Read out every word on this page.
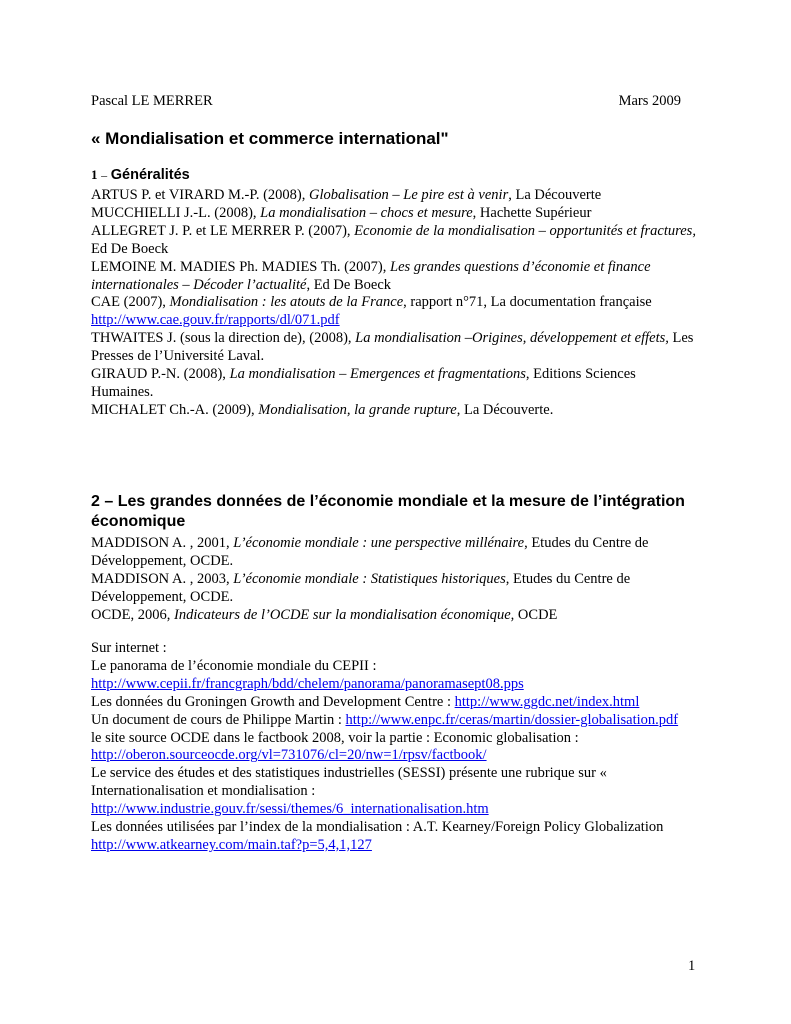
Pascal LE MERRER	Mars 2009
« Mondialisation et commerce international"
1 – Généralités

ARTUS P. et VIRARD M.-P. (2008), Globalisation – Le pire est à venir, La Découverte

MUCCHIELLI J.-L. (2008), La mondialisation – chocs et mesure, Hachette Supérieur

ALLEGRET J. P. et LE MERRER P. (2007), Economie de la mondialisation – opportunités et fractures, Ed De Boeck

LEMOINE M. MADIES Ph. MADIES Th. (2007), Les grandes questions d’économie et finance internationales – Décoder l’actualité, Ed De Boeck

CAE (2007), Mondialisation : les atouts de la France, rapport n°71, La documentation française
http://www.cae.gouv.fr/rapports/dl/071.pdf

THWAITES J. (sous la direction de), (2008), La mondialisation –Origines, développement et effets, Les Presses de l’Université Laval.

GIRAUD P.-N. (2008), La mondialisation – Emergences et fragmentations, Editions Sciences Humaines.

MICHALET Ch.-A. (2009), Mondialisation, la grande rupture, La Découverte.

2 – Les grandes données de l’économie mondiale et la mesure de l’intégration économique

MADDISON A. , 2001, L’économie mondiale : une perspective millénaire, Etudes du Centre de Développement, OCDE.

MADDISON A. , 2003, L’économie mondiale : Statistiques historiques, Etudes du Centre de Développement, OCDE.

OCDE, 2006, Indicateurs de l’OCDE sur la mondialisation économique, OCDE

Sur internet :

Le panorama de l’économie mondiale du CEPII :
http://www.cepii.fr/francgraph/bdd/chelem/panorama/panoramasept08.pps

Les données du Groningen Growth and Development Centre : http://www.ggdc.net/index.html

Un document de cours de Philippe Martin : http://www.enpc.fr/ceras/martin/dossier-globalisation.pdf

le site source OCDE dans le factbook 2008, voir la partie : Economic globalisation :
http://oberon.sourceocde.org/vl=731076/cl=20/nw=1/rpsv/factbook/

Le service des études et des statistiques industrielles (SESSI) présente une rubrique sur « Internationalisation et mondialisation :
http://www.industrie.gouv.fr/sessi/themes/6_internationalisation.htm

Les données utilisées par l’index de la mondialisation : A.T. Kearney/Foreign Policy Globalization
http://www.atkearney.com/main.taf?p=5,4,1,127

1
